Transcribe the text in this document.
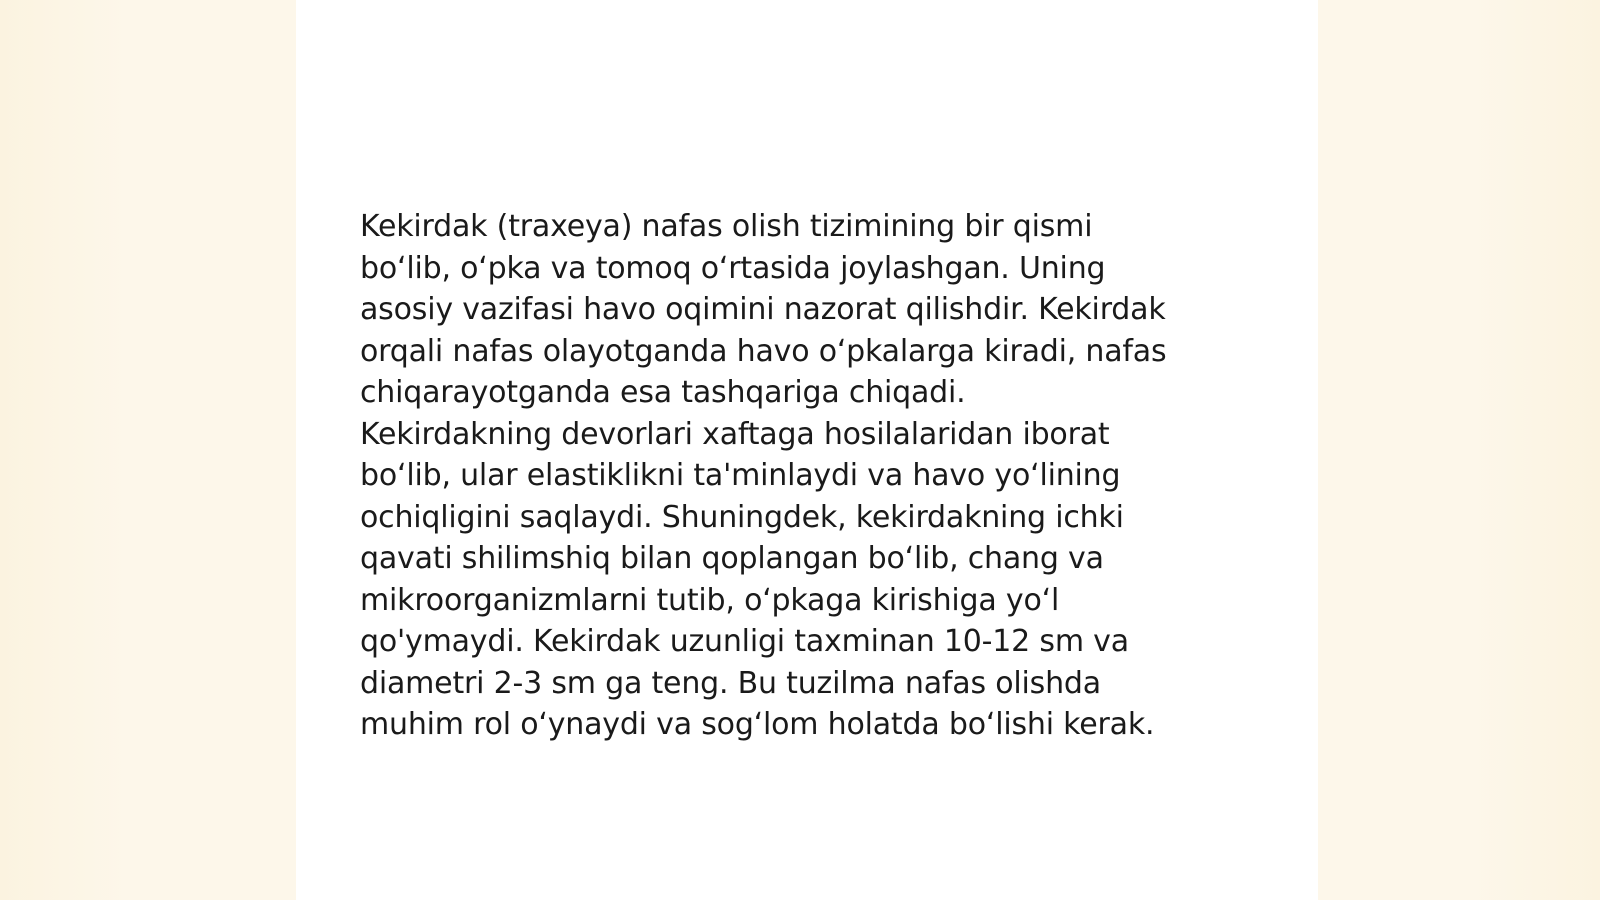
Kekirdak (traxeya) nafas olish tizimining bir qismi
bo‘lib, o‘pka va tomoq o‘rtasida joylashgan. Uning
asosiy vazifasi havo oqimini nazorat qilishdir. Kekirdak
orqali nafas olayotganda havo o‘pkalarga kiradi, nafas
chiqarayotganda esa tashqariga chiqadi.
Kekirdakning devorlari xaftaga hosilalaridan iborat
bo‘lib, ular elastiklikni ta'minlaydi va havo yo‘lining
ochiqligini saqlaydi. Shuningdek, kekirdakning ichki
qavati shilimshiq bilan qoplangan bo‘lib, chang va
mikroorganizmlarni tutib, o‘pkaga kirishiga yo‘l
qo'ymaydi. Kekirdak uzunligi taxminan 10-12 sm va
diametri 2-3 sm ga teng. Bu tuzilma nafas olishda
muhim rol o‘ynaydi va sog‘lom holatda bo‘lishi kerak.
